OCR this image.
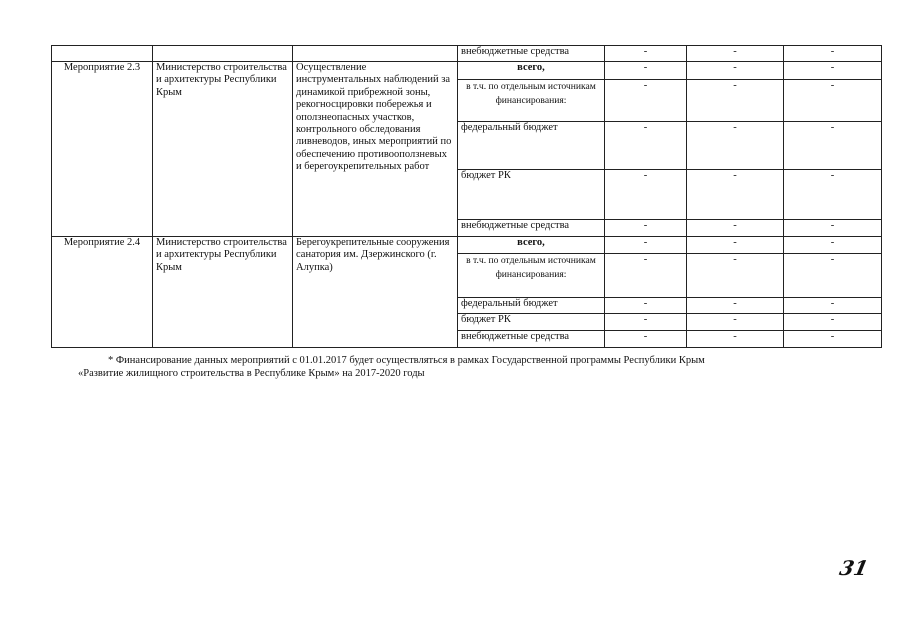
			внебюджетные средства	-	-	-
Мероприятие 2.3	Министерство строительства и архитектуры Республики Крым	Осуществление инструментальных наблюдений за динамикой прибрежной зоны, рекогносцировки побережья и оползнеопасных участков, контрольного обследования ливневодов, иных мероприятий по обеспечению противооползневых и берегоукрепительных работ	всего,	-	-	-
			в т.ч. по отдельным источникам финансирования:	-	-	-
			федеральный бюджет	-	-	-
			бюджет РК	-	-	-
			внебюджетные средства	-	-	-
Мероприятие 2.4	Министерство строительства и архитектуры Республики Крым	Берегоукрепительные сооружения санатория им. Дзержинского (г. Алупка)	всего,	-	-	-
			в т.ч. по отдельным источникам финансирования:	-	-	-
			федеральный бюджет	-	-	-
			бюджет РК	-	-	-
			внебюджетные средства	-	-	-

* Финансирование данных мероприятий с 01.01.2017 будет осуществляться в рамках Государственной программы Республики Крым

«Развитие жилищного строительства в Республике Крым» на 2017-2020 годы

31
